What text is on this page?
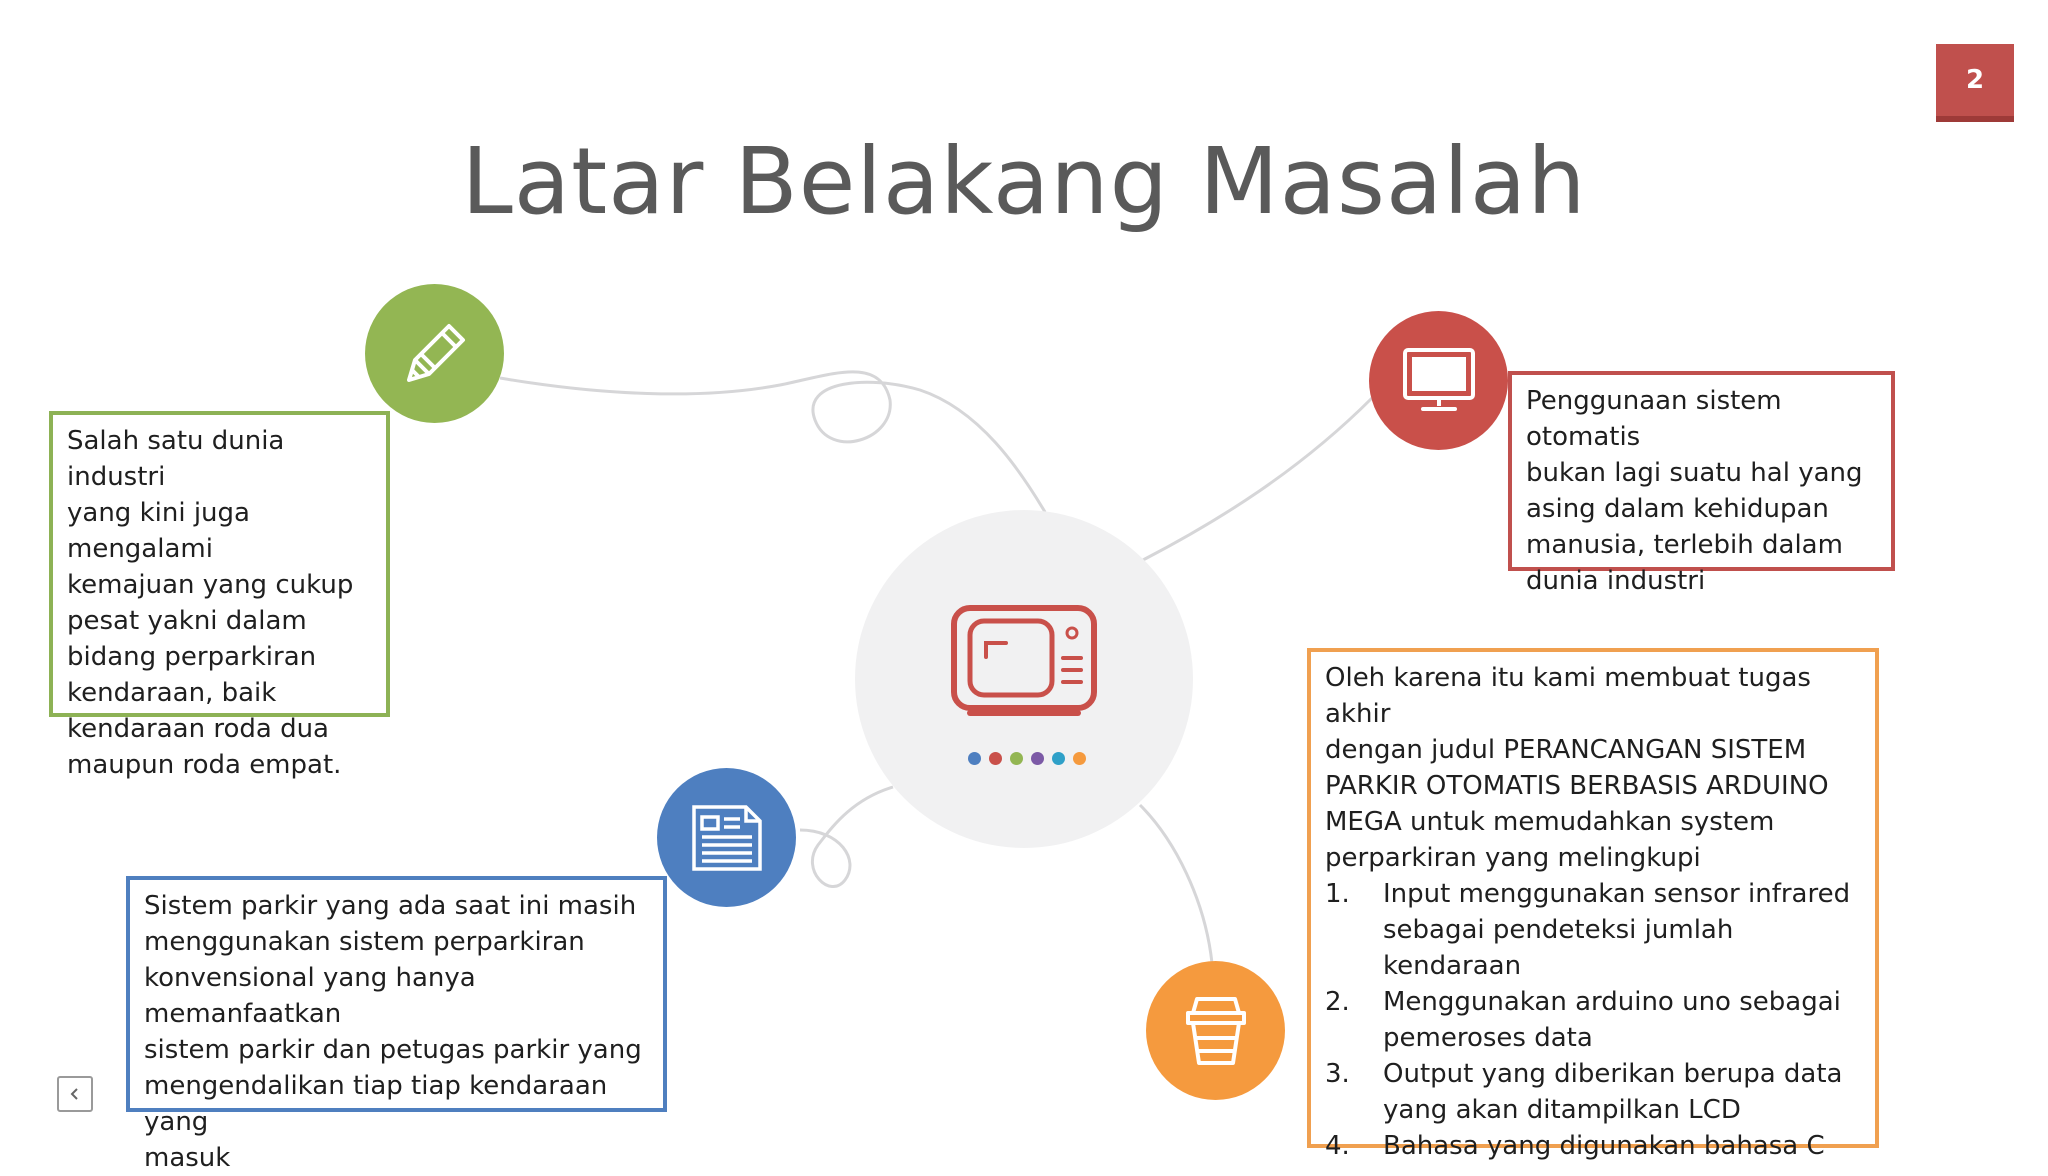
Latar Belakang Masalah
2
Salah satu dunia industri
yang kini juga mengalami
kemajuan yang cukup
pesat yakni dalam
bidang perparkiran
kendaraan, baik
kendaraan roda dua
maupun roda empat.
Penggunaan sistem otomatis
bukan lagi suatu hal yang
asing dalam kehidupan
manusia, terlebih dalam
dunia industri
Sistem parkir yang ada saat ini masih
menggunakan sistem perparkiran
konvensional yang hanya memanfaatkan
sistem parkir dan petugas parkir yang
mengendalikan tiap tiap kendaraan yang
masuk
Oleh karena itu kami membuat tugas akhir
dengan judul PERANCANGAN SISTEM
PARKIR OTOMATIS BERBASIS ARDUINO
MEGA untuk memudahkan system
perparkiran yang melingkupi
1.	Input menggunakan sensor infrared
sebagai pendeteksi jumlah kendaraan
2.	Menggunakan arduino uno sebagai
pemeroses data
3.	Output yang diberikan berupa data
yang akan ditampilkan LCD
4.	Bahasa yang digunakan bahasa C
